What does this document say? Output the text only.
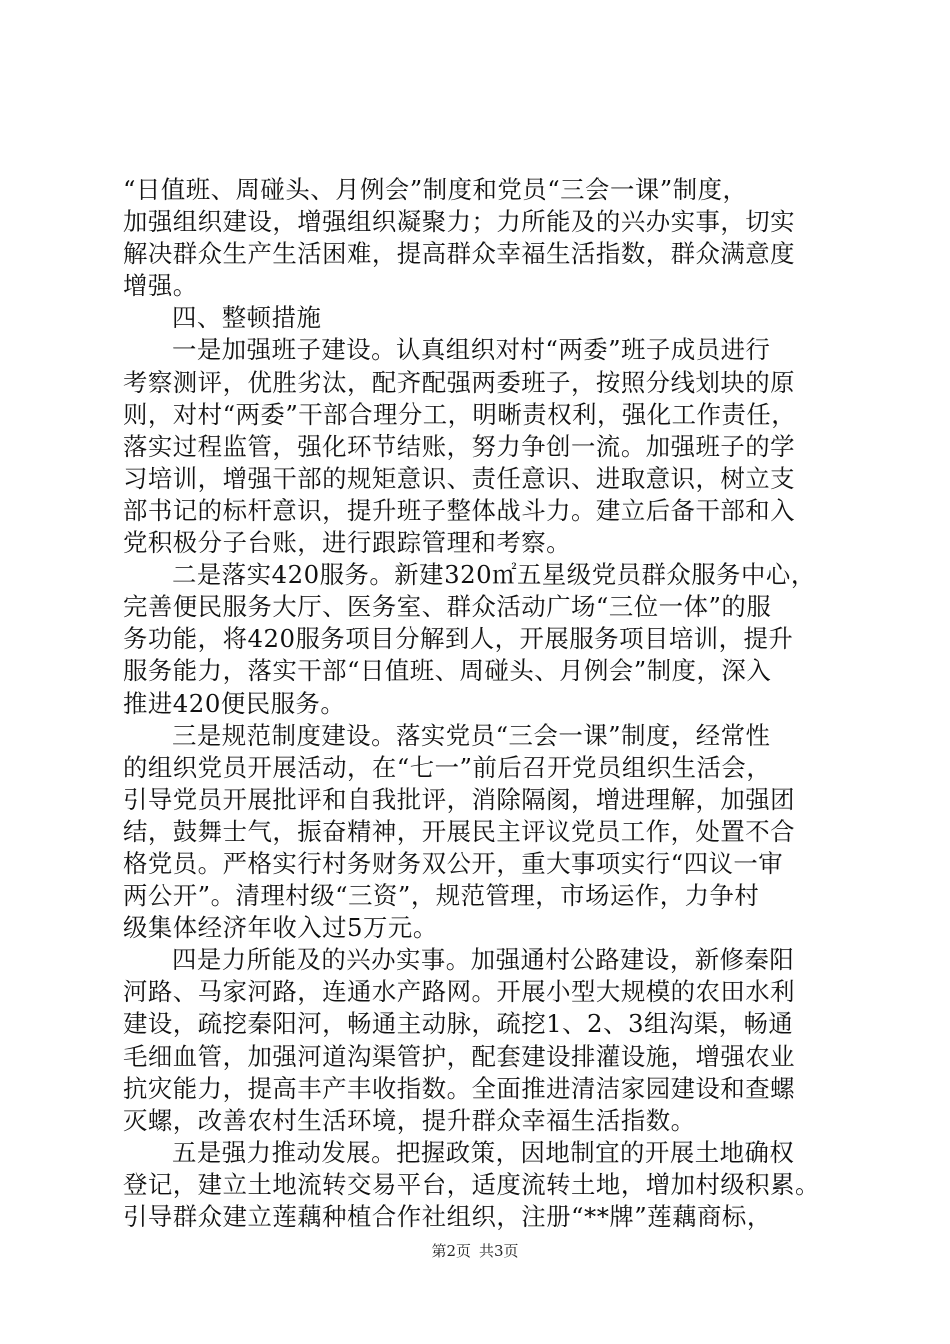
“日值班、周碰头、月例会”制度和党员“三会一课”制度，
加强组织建设，增强组织凝聚力；力所能及的兴办实事，切实
解决群众生产生活困难，提高群众幸福生活指数，群众满意度
增强。
四、整顿措施
一是加强班子建设。认真组织对村“两委”班子成员进行
考察测评，优胜劣汰，配齐配强两委班子，按照分线划块的原
则，对村“两委”干部合理分工，明晰责权利，强化工作责任，
落实过程监管，强化环节结账，努力争创一流。加强班子的学
习培训，增强干部的规矩意识、责任意识、进取意识，树立支
部书记的标杆意识，提升班子整体战斗力。建立后备干部和入
党积极分子台账，进行跟踪管理和考察。
二是落实420服务。新建320㎡五星级党员群众服务中心，
完善便民服务大厅、医务室、群众活动广场“三位一体”的服
务功能，将420服务项目分解到人，开展服务项目培训，提升
服务能力，落实干部“日值班、周碰头、月例会”制度，深入
推进420便民服务。
三是规范制度建设。落实党员“三会一课”制度，经常性
的组织党员开展活动，在“七一”前后召开党员组织生活会，
引导党员开展批评和自我批评，消除隔阂，增进理解，加强团
结，鼓舞士气，振奋精神，开展民主评议党员工作，处置不合
格党员。严格实行村务财务双公开，重大事项实行“四议一审
两公开”。清理村级“三资”，规范管理，市场运作，力争村
级集体经济年收入过5万元。
四是力所能及的兴办实事。加强通村公路建设，新修秦阳
河路、马家河路，连通水产路网。开展小型大规模的农田水利
建设，疏挖秦阳河，畅通主动脉，疏挖1、2、3组沟渠，畅通
毛细血管，加强河道沟渠管护，配套建设排灌设施，增强农业
抗灾能力，提高丰产丰收指数。全面推进清洁家园建设和查螺
灭螺，改善农村生活环境，提升群众幸福生活指数。
五是强力推动发展。把握政策，因地制宜的开展土地确权
登记，建立土地流转交易平台，适度流转土地，增加村级积累。
引导群众建立莲藕种植合作社组织，注册“**牌”莲藕商标，
第2页 共3页
